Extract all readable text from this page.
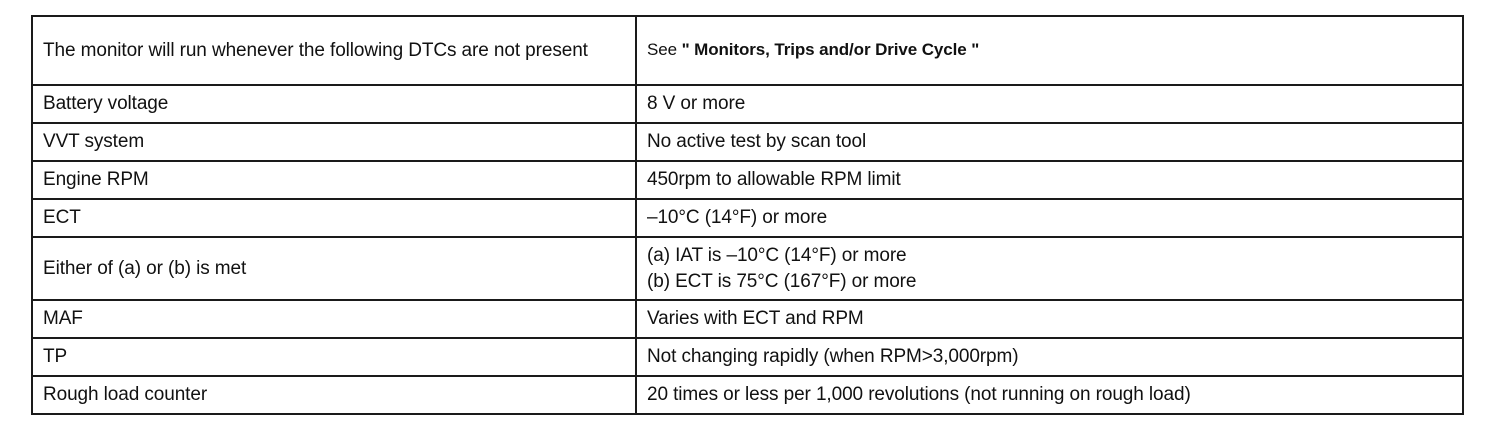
The monitor will run whenever the following DTCs are not present	See " Monitors, Trips and/or Drive Cycle "
Battery voltage	8 V or more
VVT system	No active test by scan tool
Engine RPM	450rpm to allowable RPM limit
ECT	–10°C (14°F) or more
Either of (a) or (b) is met	(a) IAT is –10°C (14°F) or more
(b) ECT is 75°C (167°F) or more

MAF	Varies with ECT and RPM
TP	Not changing rapidly (when RPM>3,000rpm)
Rough load counter	20 times or less per 1,000 revolutions (not running on rough load)
